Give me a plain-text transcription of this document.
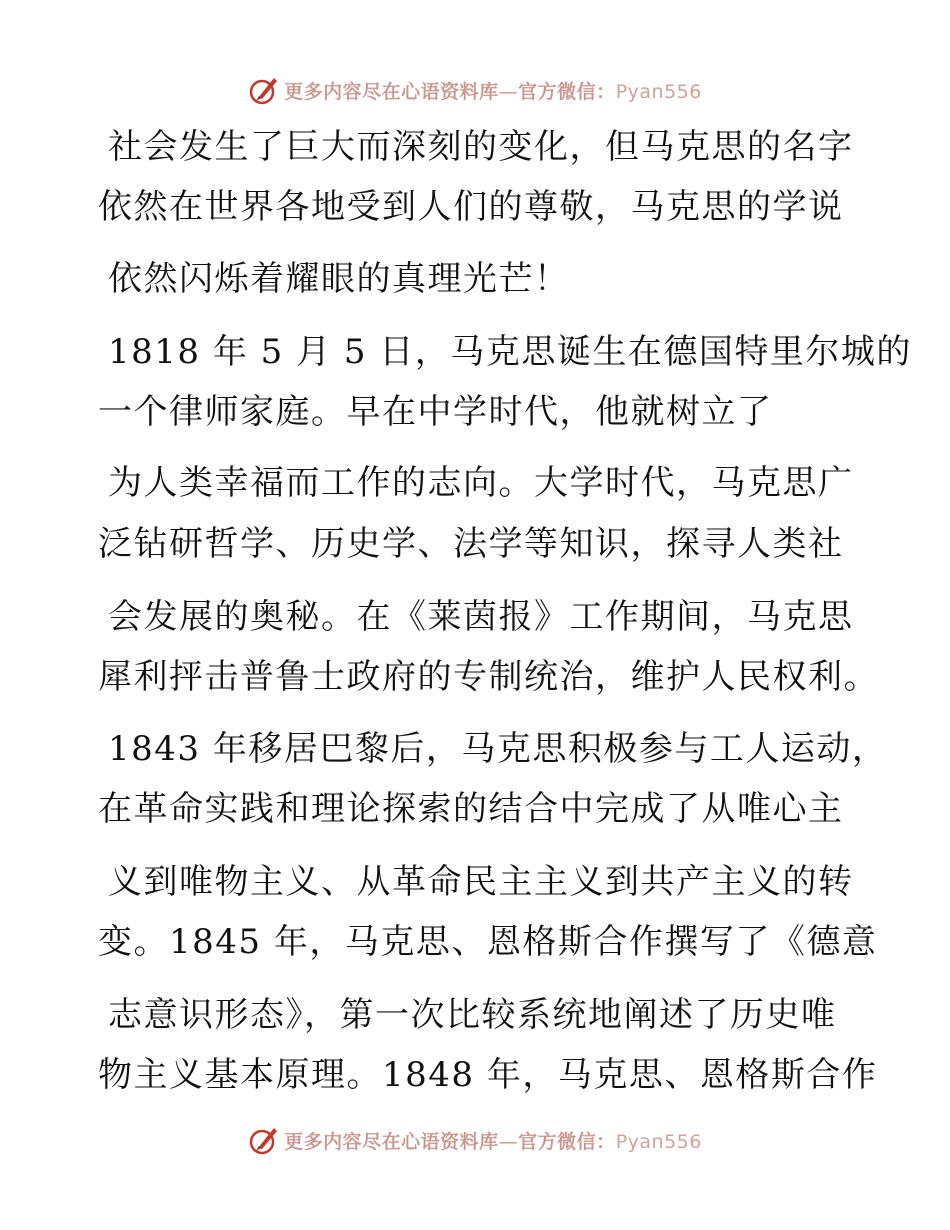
更多内容尽在心语资料库—官方微信：Pyan556
社会发生了巨大而深刻的变化，但马克思的名字
依然在世界各地受到人们的尊敬，马克思的学说
依然闪烁着耀眼的真理光芒！
1818 年 5 月 5 日，马克思诞生在德国特里尔城的
一个律师家庭。早在中学时代，他就树立了
为人类幸福而工作的志向。大学时代，马克思广
泛钻研哲学、历史学、法学等知识，探寻人类社
会发展的奥秘。在《莱茵报》工作期间，马克思
犀利抨击普鲁士政府的专制统治，维护人民权利。
1843 年移居巴黎后，马克思积极参与工人运动，
在革命实践和理论探索的结合中完成了从唯心主
义到唯物主义、从革命民主主义到共产主义的转
变。1845 年，马克思、恩格斯合作撰写了《德意
志意识形态》，第一次比较系统地阐述了历史唯
物主义基本原理。1848 年，马克思、恩格斯合作
更多内容尽在心语资料库—官方微信：Pyan556
